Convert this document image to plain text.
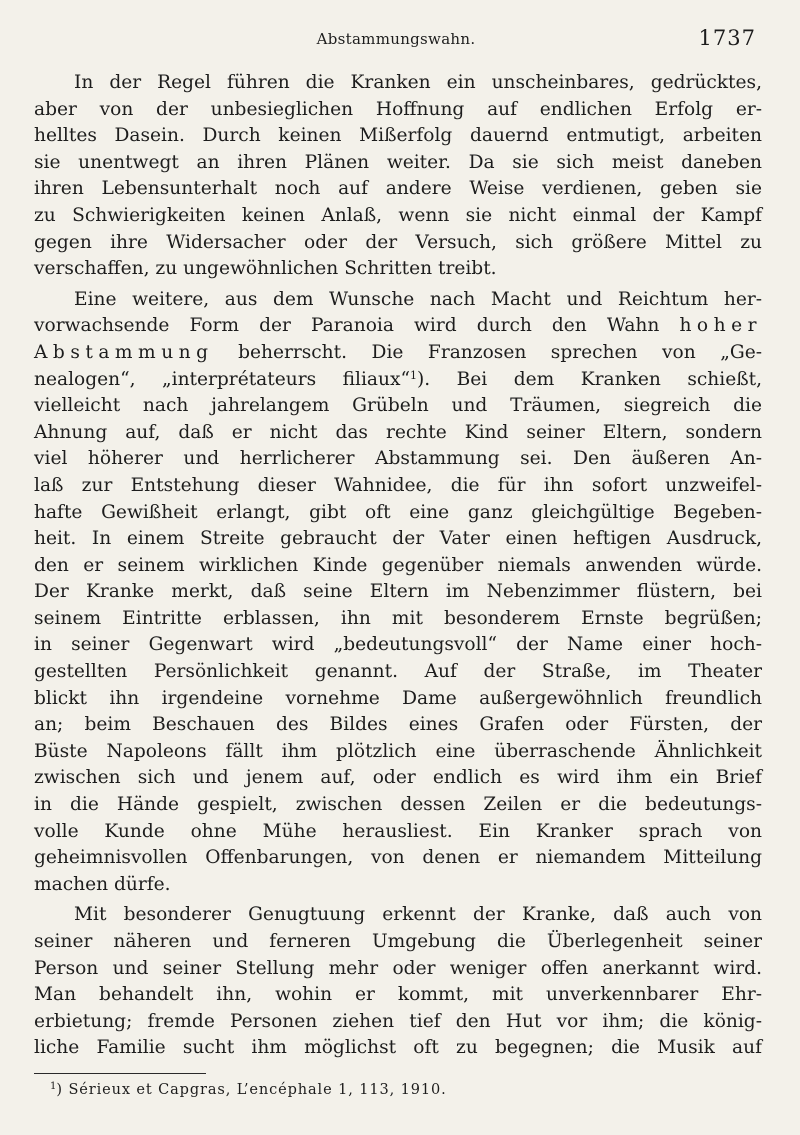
Abstammungswahn.	1737
In der Regel führen die Kranken ein unscheinbares, gedrücktes,
aber von der unbesieglichen Hoffnung auf endlichen Erfolg er-
helltes Dasein. Durch keinen Mißerfolg dauernd entmutigt, arbeiten
sie unentwegt an ihren Plänen weiter. Da sie sich meist daneben
ihren Lebensunterhalt noch auf andere Weise verdienen, geben sie
zu Schwierigkeiten keinen Anlaß, wenn sie nicht einmal der Kampf
gegen ihre Widersacher oder der Versuch, sich größere Mittel zu
verschaffen, zu ungewöhnlichen Schritten treibt.
Eine weitere, aus dem Wunsche nach Macht und Reichtum her-
vorwachsende Form der Paranoia wird durch den Wahn hoher
Abstammung beherrscht. Die Franzosen sprechen von „Ge-
nealogen“, „interprétateurs filiaux“$^1$). Bei dem Kranken schießt,
vielleicht nach jahrelangem Grübeln und Träumen, siegreich die
Ahnung auf, daß er nicht das rechte Kind seiner Eltern, sondern
viel höherer und herrlicherer Abstammung sei. Den äußeren An-
laß zur Entstehung dieser Wahnidee, die für ihn sofort unzweifel-
hafte Gewißheit erlangt, gibt oft eine ganz gleichgültige Begeben-
heit. In einem Streite gebraucht der Vater einen heftigen Ausdruck,
den er seinem wirklichen Kinde gegenüber niemals anwenden würde.
Der Kranke merkt, daß seine Eltern im Nebenzimmer flüstern, bei
seinem Eintritte erblassen, ihn mit besonderem Ernste begrüßen;
in seiner Gegenwart wird „bedeutungsvoll“ der Name einer hoch-
gestellten Persönlichkeit genannt. Auf der Straße, im Theater
blickt ihn irgendeine vornehme Dame außergewöhnlich freundlich
an; beim Beschauen des Bildes eines Grafen oder Fürsten, der
Büste Napoleons fällt ihm plötzlich eine überraschende Ähnlichkeit
zwischen sich und jenem auf, oder endlich es wird ihm ein Brief
in die Hände gespielt, zwischen dessen Zeilen er die bedeutungs-
volle Kunde ohne Mühe herausliest. Ein Kranker sprach von
geheimnisvollen Offenbarungen, von denen er niemandem Mitteilung
machen dürfe.
Mit besonderer Genugtuung erkennt der Kranke, daß auch von
seiner näheren und ferneren Umgebung die Überlegenheit seiner
Person und seiner Stellung mehr oder weniger offen anerkannt wird.
Man behandelt ihn, wohin er kommt, mit unverkennbarer Ehr-
erbietung; fremde Personen ziehen tief den Hut vor ihm; die könig-
liche Familie sucht ihm möglichst oft zu begegnen; die Musik auf
$^1$) Sérieux et Capgras, L’encéphale 1, 113, 1910.
